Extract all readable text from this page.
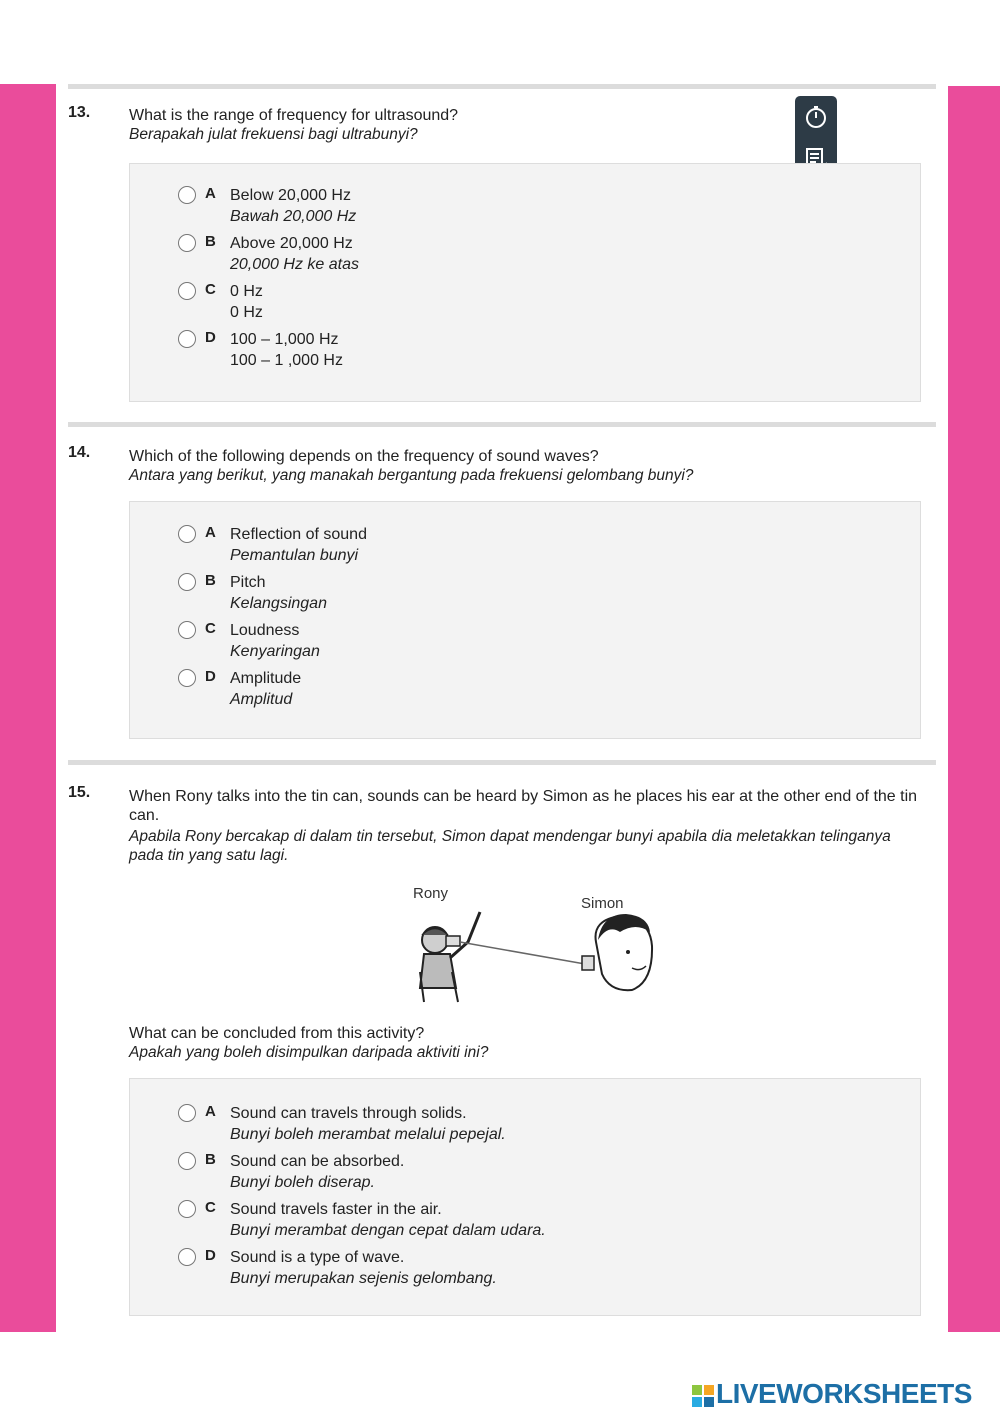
13. What is the range of frequency for ultrasound?
Berapakah julat frekuensi bagi ultrabunyi?
A Below 20,000 Hz
Bawah 20,000 Hz
B Above 20,000 Hz
20,000 Hz ke atas
C 0 Hz
0 Hz
D 100 – 1,000 Hz
100 – 1 ,000 Hz
14. Which of the following depends on the frequency of sound waves?
Antara yang berikut, yang manakah bergantung pada frekuensi gelombang bunyi?
A Reflection of sound
Pemantulan bunyi
B Pitch
Kelangsingan
C Loudness
Kenyaringan
D Amplitude
Amplitud
15. When Rony talks into the tin can, sounds can be heard by Simon as he places his ear at the other end of the tin can.
Apabila Rony bercakap di dalam tin tersebut, Simon dapat mendengar bunyi apabila dia meletakkan telinganya pada tin yang satu lagi.
Rony
Simon
What can be concluded from this activity?
Apakah yang boleh disimpulkan daripada aktiviti ini?
A Sound can travels through solids.
Bunyi boleh merambat melalui pepejal.
B Sound can be absorbed.
Bunyi boleh diserap.
C Sound travels faster in the air.
Bunyi merambat dengan cepat dalam udara.
D Sound is a type of wave.
Bunyi merupakan sejenis gelombang.
LIVEWORKSHEETS
